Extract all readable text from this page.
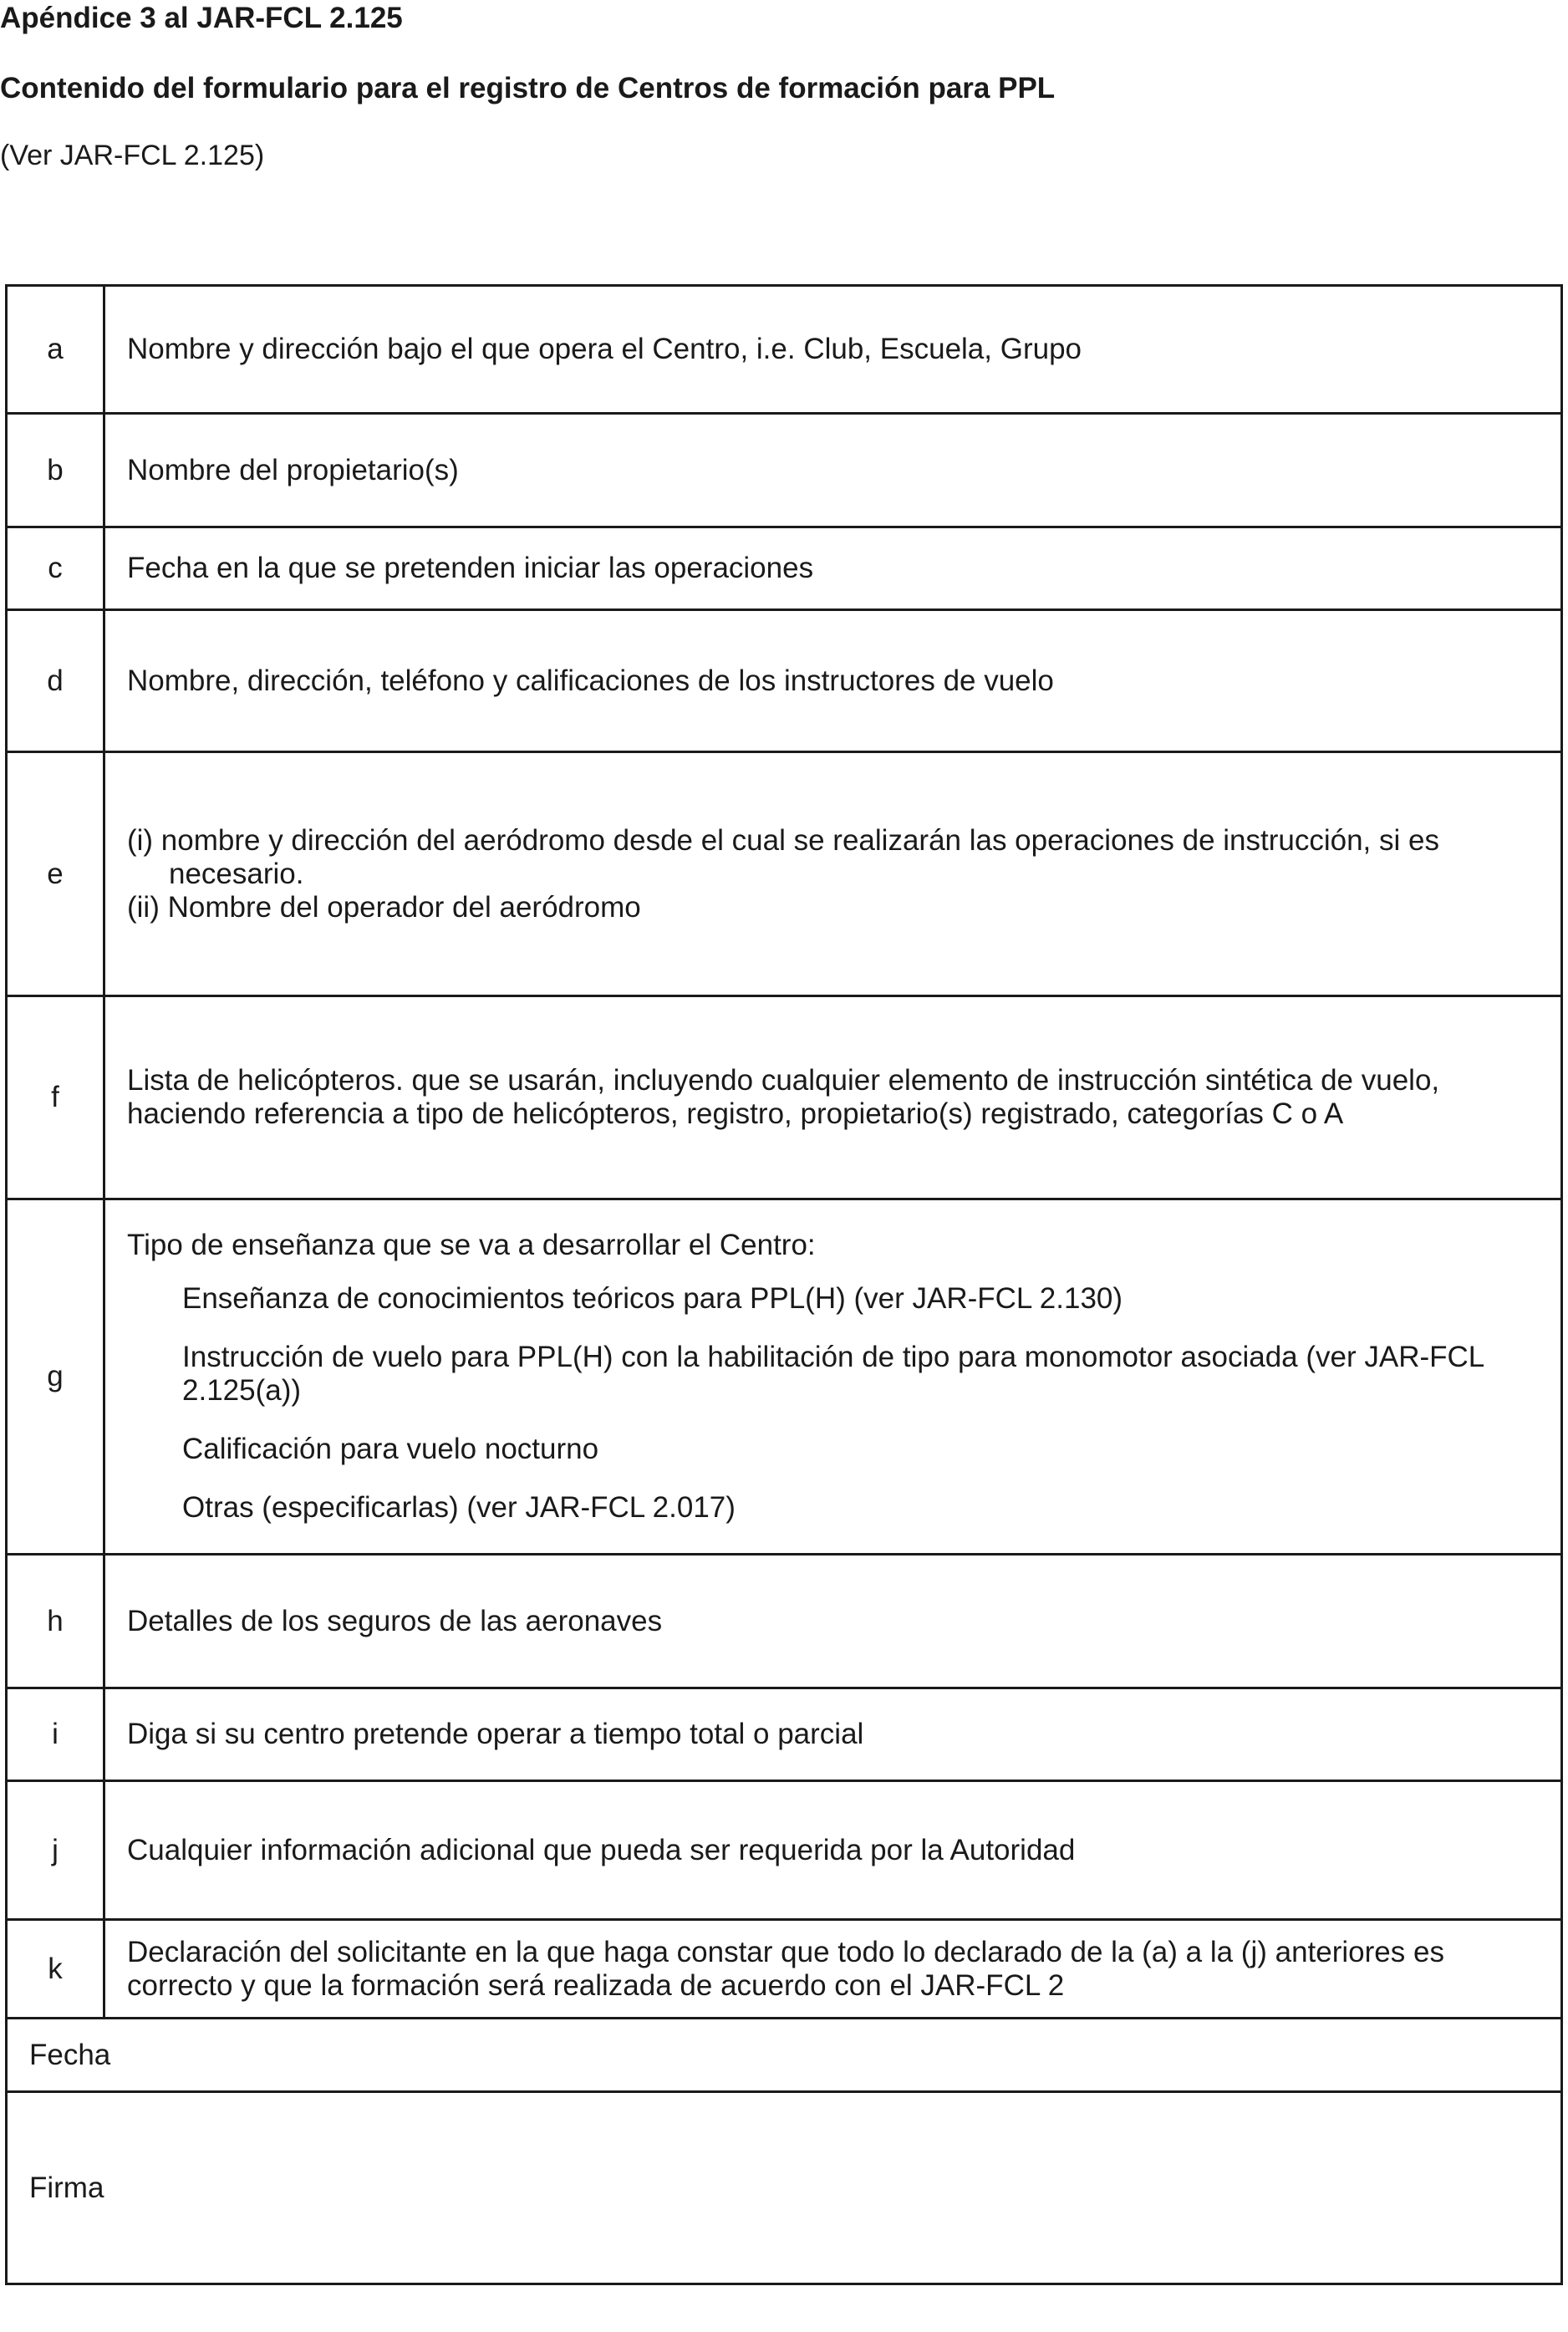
Apéndice 3 al JAR-FCL 2.125
Contenido del formulario para el registro de Centros de formación para PPL
(Ver JAR-FCL 2.125)
a	Nombre y dirección bajo el que opera el Centro, i.e. Club, Escuela, Grupo

b	Nombre del propietario(s)

c	Fecha en la que se pretenden iniciar las operaciones

d	Nombre, dirección, teléfono y calificaciones de los instructores de vuelo

e	(i) nombre y dirección del aeródromo desde el cual se realizarán las operaciones de instrucción, si es necesario.
(ii) Nombre del operador del aeródromo

f	Lista de helicópteros. que se usarán, incluyendo cualquier elemento de instrucción sintética de vuelo, haciendo referencia a tipo de helicópteros, registro, propietario(s) registrado, categorías C o A

g	Tipo de enseñanza que se va a desarrollar el Centro:
Enseñanza de conocimientos teóricos para PPL(H) (ver JAR-FCL 2.130)
Instrucción de vuelo para PPL(H) con la habilitación de tipo para monomotor asociada (ver JAR-FCL 2.125(a))
Calificación para vuelo nocturno
Otras (especificarlas) (ver JAR-FCL 2.017)

h	Detalles de los seguros de las aeronaves

i	Diga si su centro pretende operar a tiempo total o parcial

j	Cualquier información adicional que pueda ser requerida por la Autoridad

k	Declaración del solicitante en la que haga constar que todo lo declarado de la (a) a la (j) anteriores es correcto y que la formación será realizada de acuerdo con el JAR-FCL 2

Fecha	
Firma	
